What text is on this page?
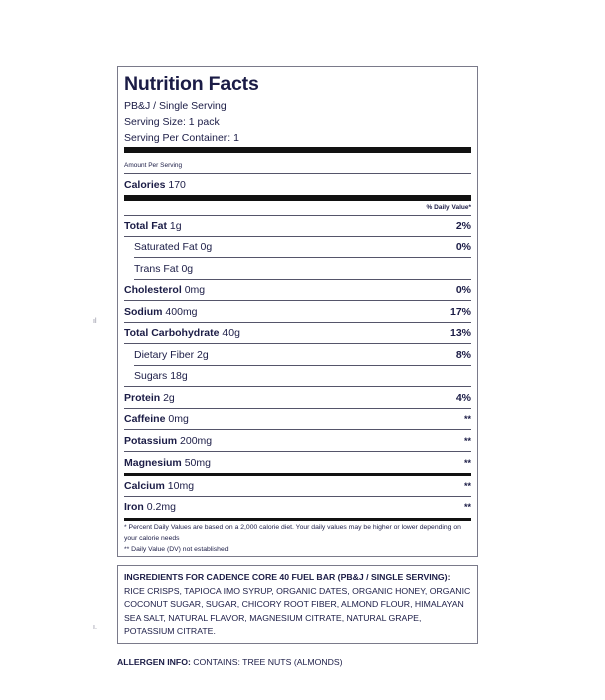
Nutrition Facts
PB&J / Single Serving
Serving Size: 1 pack
Serving Per Container: 1
Amount Per Serving
Calories 170
% Daily Value*
Total Fat 1g	2%
Saturated Fat 0g	0%
Trans Fat 0g
Cholesterol 0mg	0%
Sodium 400mg	17%
Total Carbohydrate 40g	13%
Dietary Fiber 2g	8%
Sugars 18g
Protein 2g	4%
Caffeine 0mg	**
Potassium 200mg	**
Magnesium 50mg	**
Calcium 10mg	**
Iron 0.2mg	**
* Percent Daily Values are based on a 2,000 calorie diet. Your daily values may be higher or lower depending on your calorie needs
** Daily Value (DV) not established
INGREDIENTS FOR CADENCE CORE 40 FUEL BAR (PB&J / SINGLE SERVING): RICE CRISPS, TAPIOCA IMO SYRUP, ORGANIC DATES, ORGANIC HONEY, ORGANIC COCONUT SUGAR, SUGAR, CHICORY ROOT FIBER, ALMOND FLOUR, HIMALAYAN SEA SALT, NATURAL FLAVOR, MAGNESIUM CITRATE, NATURAL GRAPE, POTASSIUM CITRATE.
ALLERGEN INFO: CONTAINS: TREE NUTS (ALMONDS)
ıl
ı.
